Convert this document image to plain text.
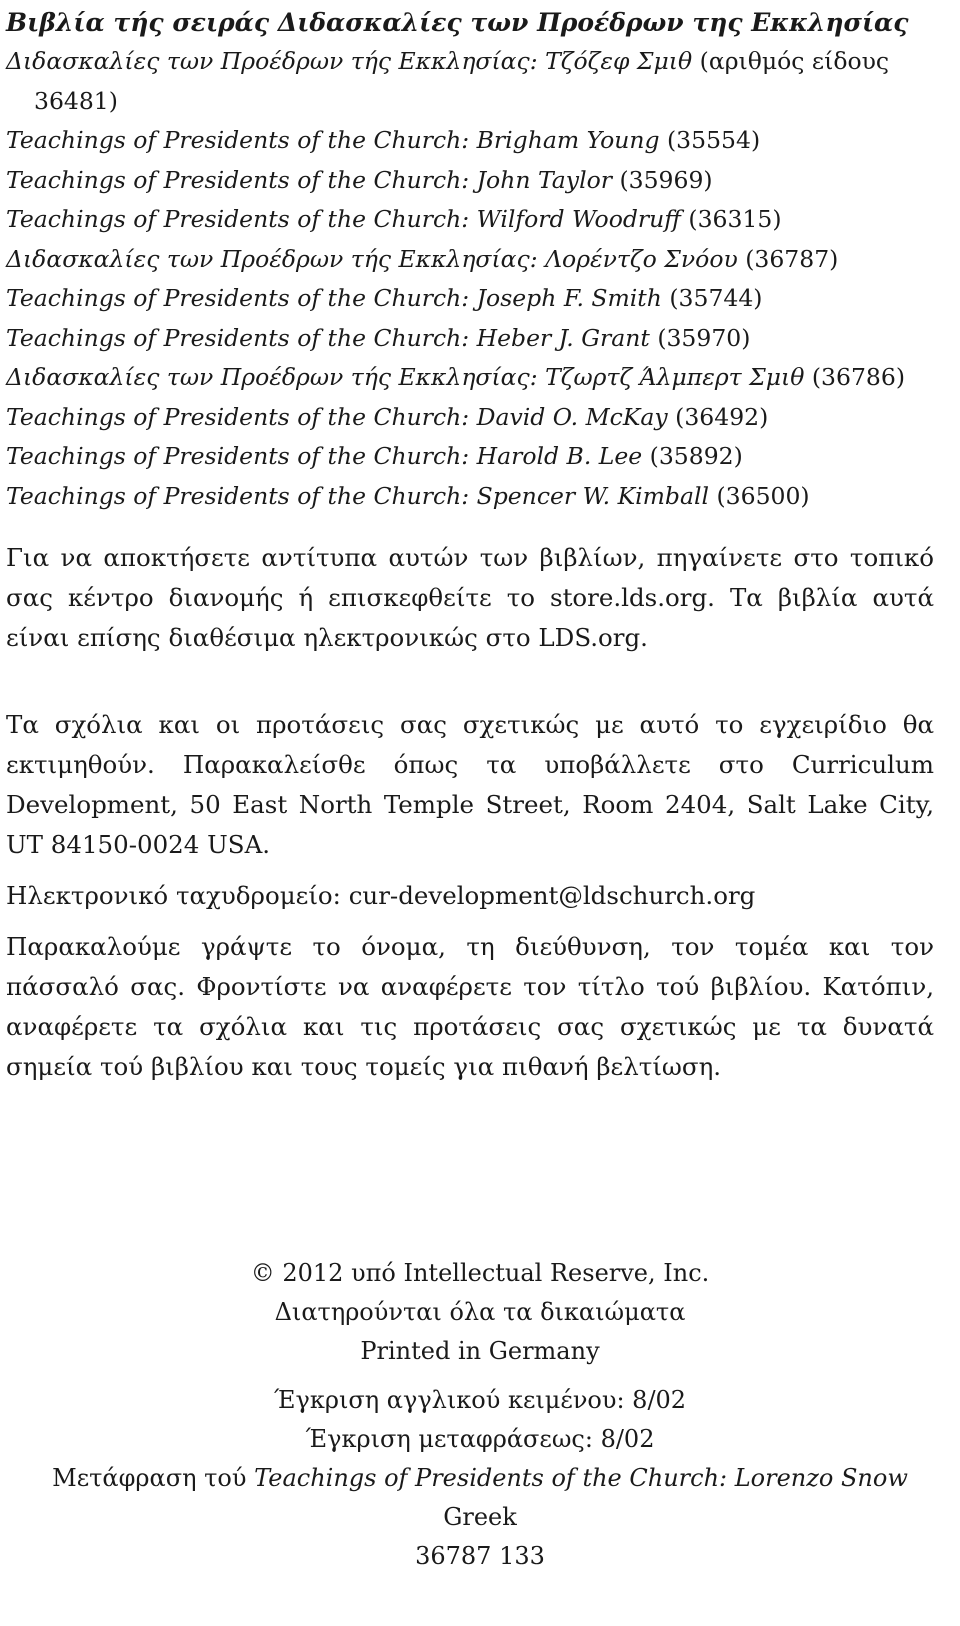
Βιβλία τής σειράς Διδασκαλίες των Προέδρων της Εκκλησίας
Διδασκαλίες των Προέδρων τής Εκκλησίας: Τζόζεφ Σμιθ (αριθμός είδους
36481)
Teachings of Presidents of the Church: Brigham Young (35554)
Teachings of Presidents of the Church: John Taylor (35969)
Teachings of Presidents of the Church: Wilford Woodruff (36315)
Διδασκαλίες των Προέδρων τής Εκκλησίας: Λορέντζο Σνόου (36787)
Teachings of Presidents of the Church: Joseph F. Smith (35744)
Teachings of Presidents of the Church: Heber J. Grant (35970)
Διδασκαλίες των Προέδρων τής Εκκλησίας: Τζωρτζ Άλμπερτ Σμιθ (36786)
Teachings of Presidents of the Church: David O. McKay (36492)
Teachings of Presidents of the Church: Harold B. Lee (35892)
Teachings of Presidents of the Church: Spencer W. Kimball (36500)

Για να αποκτήσετε αντίτυπα αυτών των βιβλίων, πηγαίνετε στο τοπικό σας κέντρο διανομής ή επισκεφθείτε το store.lds.org. Τα βιβλία αυτά είναι επίσης διαθέσιμα ηλεκτρονικώς στο LDS.org.

Τα σχόλια και οι προτάσεις σας σχετικώς με αυτό το εγχειρίδιο θα εκτιμηθούν. Παρακαλείσθε όπως τα υποβάλλετε στο Curriculum Development, 50 East North Temple Street, Room 2404, Salt Lake City, UT 84150-0024 USA.

Ηλεκτρονικό ταχυδρομείο: cur-development@ldschurch.org

Παρακαλούμε γράψτε το όνομα, τη διεύθυνση, τον τομέα και τον πάσσαλό σας. Φροντίστε να αναφέρετε τον τίτλο τού βιβλίου. Κατόπιν, αναφέρετε τα σχόλια και τις προτάσεις σας σχετικώς με τα δυνατά σημεία τού βιβλίου και τους τομείς για πιθανή βελτίωση.

© 2012 υπό Intellectual Reserve, Inc.
Διατηρούνται όλα τα δικαιώματα
Printed in Germany
Έγκριση αγγλικού κειμένου: 8/02
Έγκριση μεταφράσεως: 8/02
Μετάφραση τού Teachings of Presidents of the Church: Lorenzo Snow
Greek
36787 133
